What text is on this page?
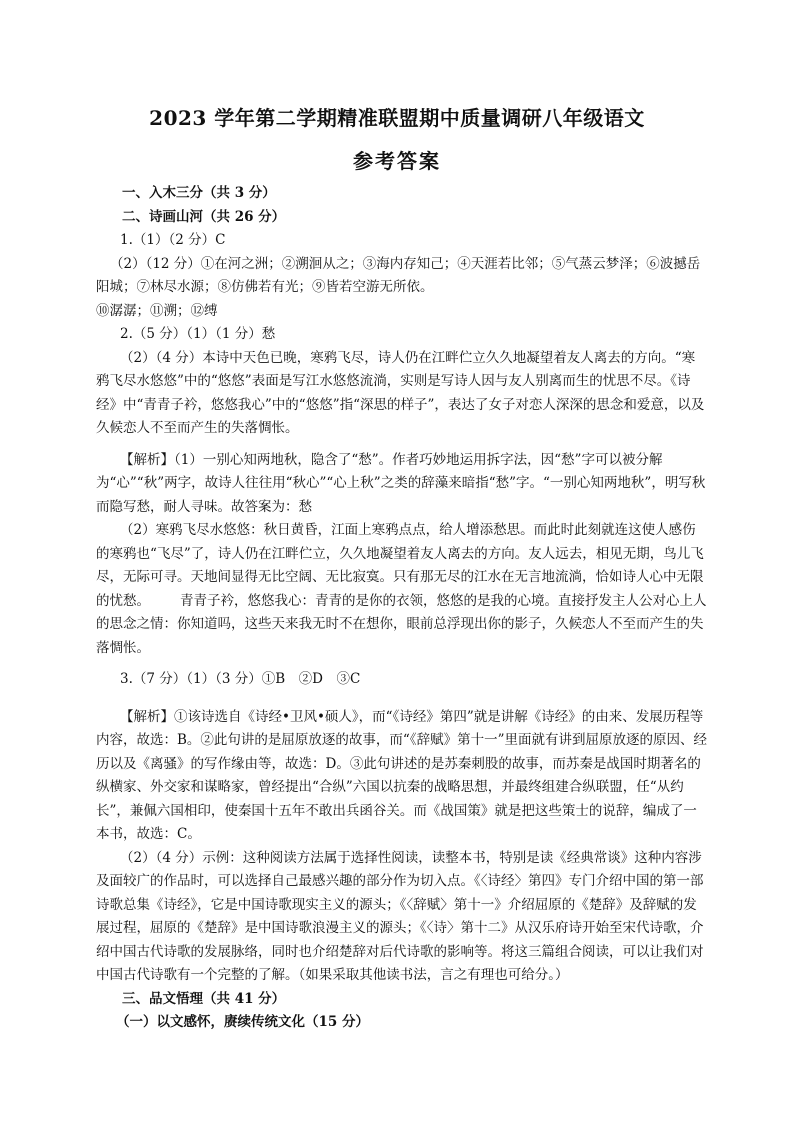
2023 学年第二学期精准联盟期中质量调研八年级语文
参考答案

一、入木三分（共 3 分）

二、诗画山河（共 26 分）

1.（1）（2 分）C

（2）（12 分）①在河之洲；②溯洄从之；③海内存知己；④天涯若比邻；⑤气蒸云梦泽；⑥波撼岳阳城；⑦林尽水源；⑧仿佛若有光；⑨皆若空游无所依。

⑩潺潺；⑪溯；⑫缚

2.（5 分）（1）（1 分）愁

（2）（4 分）本诗中天色已晚，寒鸦飞尽，诗人仍在江畔伫立久久地凝望着友人离去的方向。“寒鸦飞尽水悠悠”中的“悠悠”表面是写江水悠悠流淌，实则是写诗人因与友人别离而生的忧思不尽。《诗经》中“青青子衿，悠悠我心”中的“悠悠”指“深思的样子”，表达了女子对恋人深深的思念和爱意，以及久候恋人不至而产生的失落惆怅。

【解析】（1）一别心知两地秋，隐含了“愁”。作者巧妙地运用拆字法，因“愁”字可以被分解为“心”“秋”两字，故诗人往往用“秋心”“心上秋”之类的辞藻来暗指“愁”字。“一别心知两地秋”，明写秋而隐写愁，耐人寻味。故答案为：愁

（2）寒鸦飞尽水悠悠：秋日黄昏，江面上寒鸦点点，给人增添愁思。而此时此刻就连这使人感伤的寒鸦也“飞尽”了，诗人仍在江畔伫立，久久地凝望着友人离去的方向。友人远去，相见无期，鸟儿飞尽，无际可寻。天地间显得无比空阔、无比寂寞。只有那无尽的江水在无言地流淌，恰如诗人心中无限的忧愁。 青青子衿，悠悠我心：青青的是你的衣领，悠悠的是我的心境。直接抒发主人公对心上人的思念之情：你知道吗，这些天来我无时不在想你，眼前总浮现出你的影子，久候恋人不至而产生的失落惆怅。

3.（7 分）（1）（3 分）①B　②D　③C

【解析】①该诗选自《诗经•卫风•硕人》，而“《诗经》第四”就是讲解《诗经》的由来、发展历程等内容，故选：B。②此句讲的是屈原放逐的故事，而“《辞赋》第十一”里面就有讲到屈原放逐的原因、经历以及《离骚》的写作缘由等，故选：D。③此句讲述的是苏秦刺股的故事，而苏秦是战国时期著名的纵横家、外交家和谋略家，曾经提出“合纵”六国以抗秦的战略思想，并最终组建合纵联盟，任“从约长”，兼佩六国相印，使秦国十五年不敢出兵函谷关。而《战国策》就是把这些策士的说辞，编成了一本书，故选：C。

（2）（4 分）示例：这种阅读方法属于选择性阅读，读整本书，特别是读《经典常谈》这种内容涉及面较广的作品时，可以选择自己最感兴趣的部分作为切入点。《〈诗经〉第四》专门介绍中国的第一部诗歌总集《诗经》，它是中国诗歌现实主义的源头；《〈辞赋〉第十一》介绍屈原的《楚辞》及辞赋的发展过程，屈原的《楚辞》是中国诗歌浪漫主义的源头；《〈诗〉第十二》从汉乐府诗开始至宋代诗歌，介绍中国古代诗歌的发展脉络，同时也介绍楚辞对后代诗歌的影响等。将这三篇组合阅读，可以让我们对中国古代诗歌有一个完整的了解。（如果采取其他读书法，言之有理也可给分。）

三、品文悟理（共 41 分）

（一）以文感怀，赓续传统文化（15 分）
